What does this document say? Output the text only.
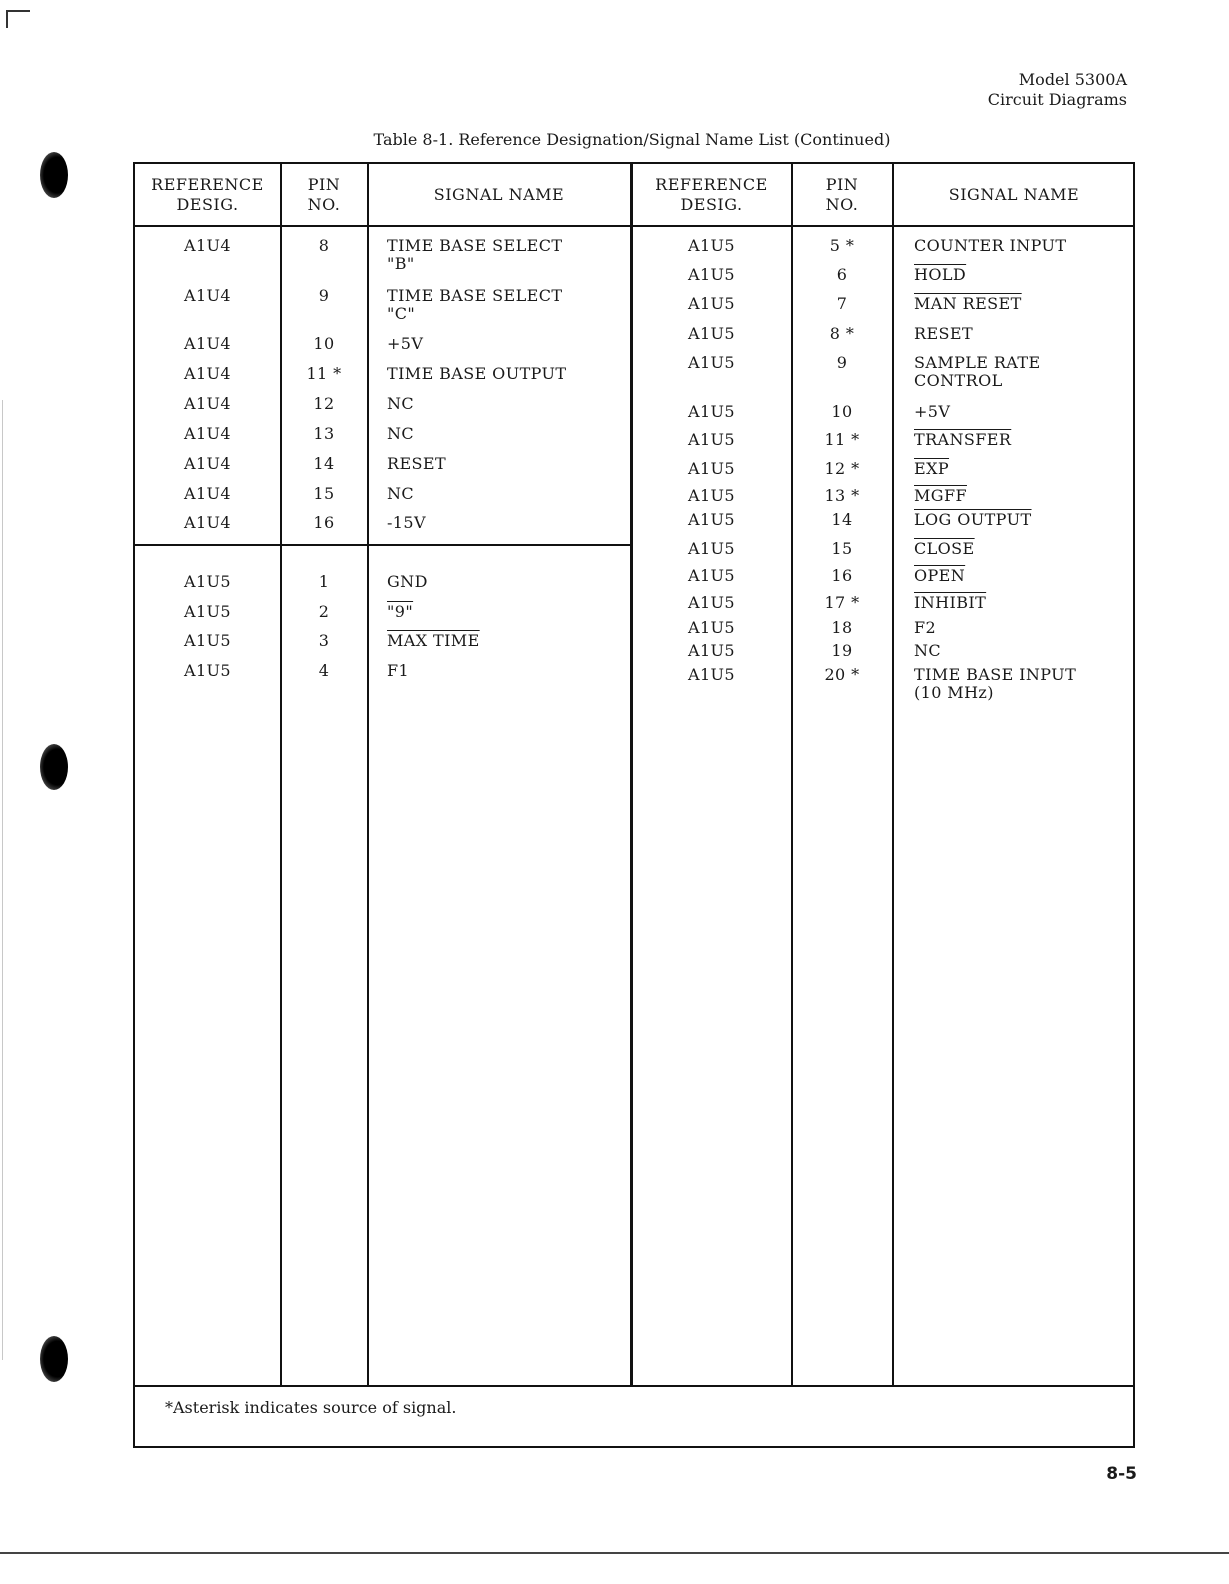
Model 5300A
Circuit Diagrams
Table 8-1. Reference Designation/Signal Name List (Continued)
REFERENCE
DESIG.
PIN
NO.
SIGNAL NAME
REFERENCE
DESIG.
PIN
NO.
SIGNAL NAME
*Asterisk indicates source of signal.
A1U4	8	TIME BASE SELECT
"B"
A1U4	9	TIME BASE SELECT
"C"
A1U4	10	+5V
A1U4	11 *	TIME BASE OUTPUT
A1U4	12	NC
A1U4	13	NC
A1U4	14	RESET
A1U4	15	NC
A1U4	16	-15V
A1U5	1	GND
A1U5	2	"9"
A1U5	3	MAX TIME
A1U5	4	F1
A1U5	5 *	COUNTER INPUT
A1U5	6	HOLD
A1U5	7	MAN RESET
A1U5	8 *	RESET
A1U5	9	SAMPLE RATE
CONTROL
A1U5	10	+5V
A1U5	11 *	TRANSFER
A1U5	12 *	$\overline{EXP}$
A1U5	13 *	MGFF
A1U5	14	LOG OUTPUT
A1U5	15	CLOSE
A1U5	16	OPEN
A1U5	17 *	INHIBIT
A1U5	18	F2
A1U5	19	NC
A1U5	20 *	TIME BASE INPUT
(10 MHz)
8-5
